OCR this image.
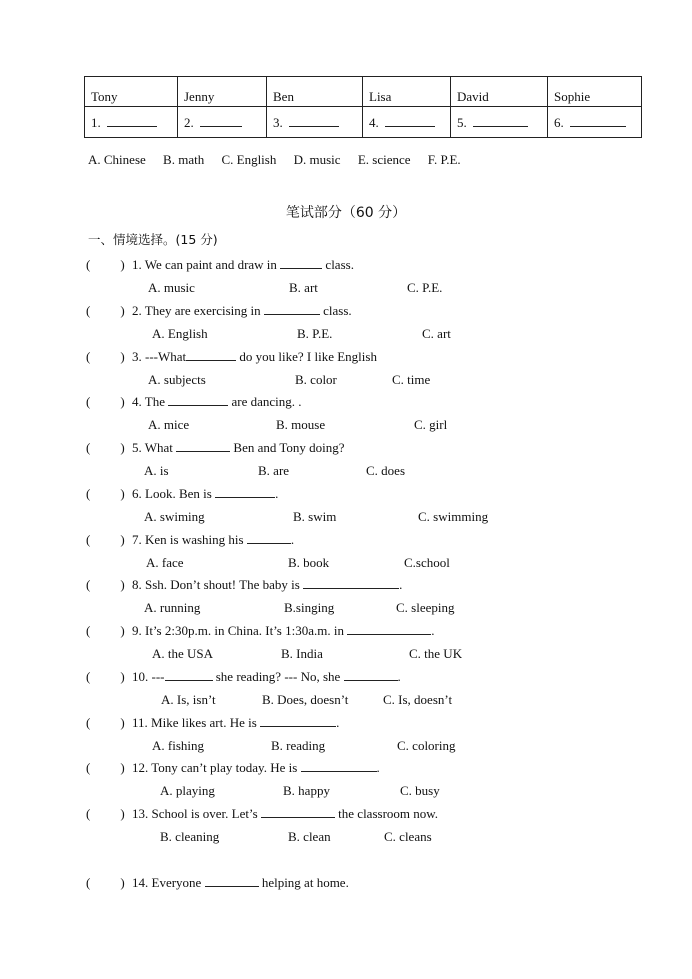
Tony	Jenny	Ben	Lisa	David	Sophie
1.	2.	3.	4.	5.	6.
A. Chinese B. math C. English D. music E. science F. P.E.
笔试部分（60 分）
一、情境选择。(15 分)
( ) 1. We can paint and draw in	class.
A. music	B. art	C. P.E.
( ) 2. They are exercising in	class.
A. English	B. P.E.	C. art
( ) 3. ---What	do you like? I like English
A. subjects	B. color	C. time
( ) 4. The	are dancing. .
A. mice	B. mouse	C. girl
( ) 5. What	Ben and Tony doing?
A. is	B. are	C. does
( ) 6. Look. Ben is	.
A. swiming	B. swim	C. swimming
( ) 7. Ken is washing his	.
A. face	B. book	C.school
( ) 8. Ssh. Don’t shout! The baby is	.
A. running	B.singing	C. sleeping
( ) 9. It’s 2:30p.m. in China. It’s 1:30a.m. in	.
A. the USA	B. India	C. the UK
( ) 10. ---	she reading? --- No, she	.
A. Is, isn’t	B. Does, doesn’t	C. Is, doesn’t
( ) 11. Mike likes art. He is	.
A. fishing	B. reading	C. coloring
( ) 12. Tony can’t play today. He is	.
A. playing	B. happy	C. busy
( ) 13. School is over. Let’s	the classroom now.
B. cleaning	B. clean	C. cleans
( ) 14. Everyone	helping at home.
